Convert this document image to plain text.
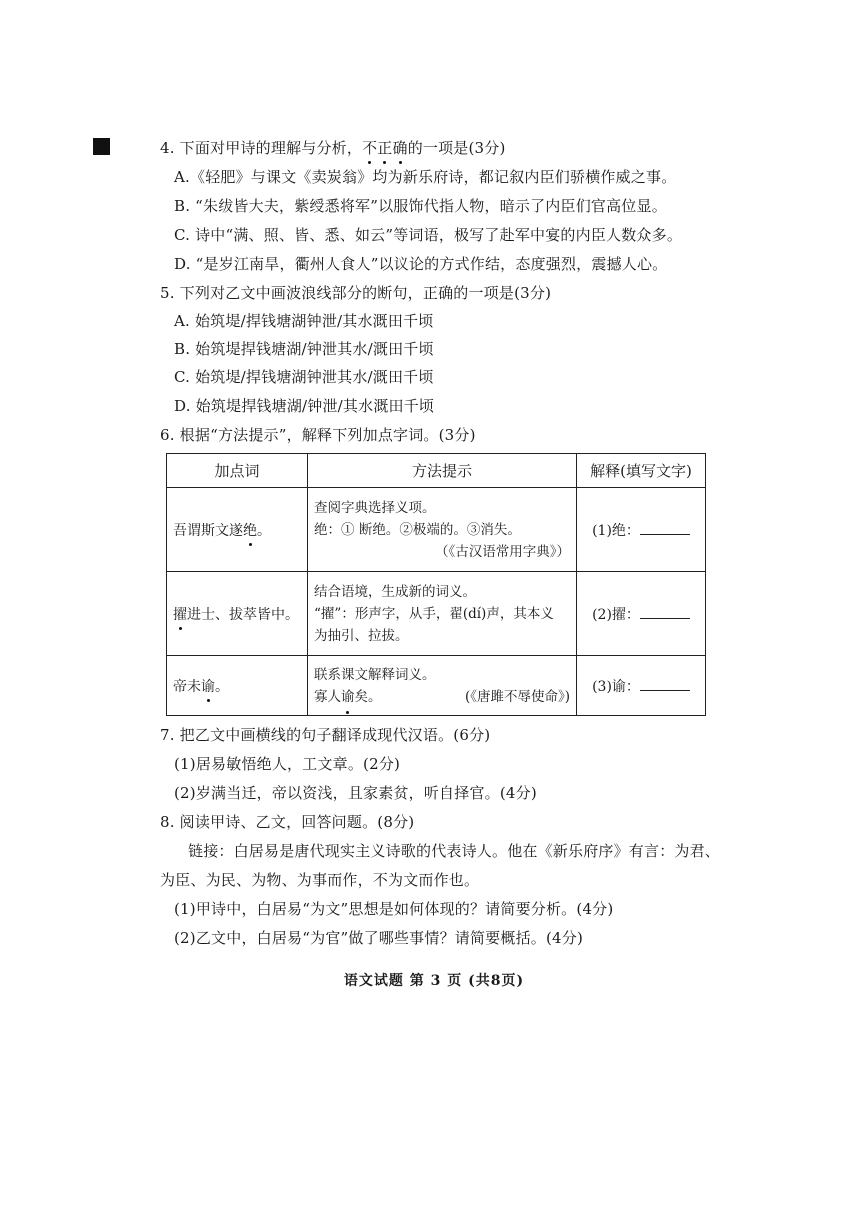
4. 下面对甲诗的理解与分析，不正确的一项是(3分)
A.《轻肥》与课文《卖炭翁》均为新乐府诗，都记叙内臣们骄横作威之事。
B. “朱绂皆大夫，紫绶悉将军”以服饰代指人物，暗示了内臣们官高位显。
C. 诗中“满、照、皆、悉、如云”等词语，极写了赴军中宴的内臣人数众多。
D. “是岁江南旱，衢州人食人”以议论的方式作结，态度强烈，震撼人心。
5. 下列对乙文中画波浪线部分的断句，正确的一项是(3分)
A. 始筑堤/捍钱塘湖钟泄/其水溉田千顷
B. 始筑堤捍钱塘湖/钟泄其水/溉田千顷
C. 始筑堤/捍钱塘湖钟泄其水/溉田千顷
D. 始筑堤捍钱塘湖/钟泄/其水溉田千顷
6. 根据“方法提示”，解释下列加点字词。(3分)
加点词	方法提示	解释(填写文字)
吾谓斯文遂绝。	查阅字典选择义项。
绝：① 断绝。②极端的。③消失。
（《古汉语常用字典》）	(1)绝：
擢进士、拔萃皆中。	结合语境，生成新的词义。
“擢”：形声字，从手，翟(dí)声，其本义
为抽引、拉拔。	(2)擢：
帝未谕。	联系课文解释词义。
寡人谕矣。 (《唐雎不辱使命》)	(3)谕：
7. 把乙文中画横线的句子翻译成现代汉语。(6分)
(1)居易敏悟绝人，工文章。(2分)
(2)岁满当迁，帝以资浅，且家素贫，听自择官。(4分)
8. 阅读甲诗、乙文，回答问题。(8分)
链接：白居易是唐代现实主义诗歌的代表诗人。他在《新乐府序》有言：为君、
为臣、为民、为物、为事而作，不为文而作也。
(1)甲诗中，白居易“为文”思想是如何体现的？请简要分析。(4分)
(2)乙文中，白居易“为官”做了哪些事情？请简要概括。(4分)
语文试题 第 3 页 (共8页)
